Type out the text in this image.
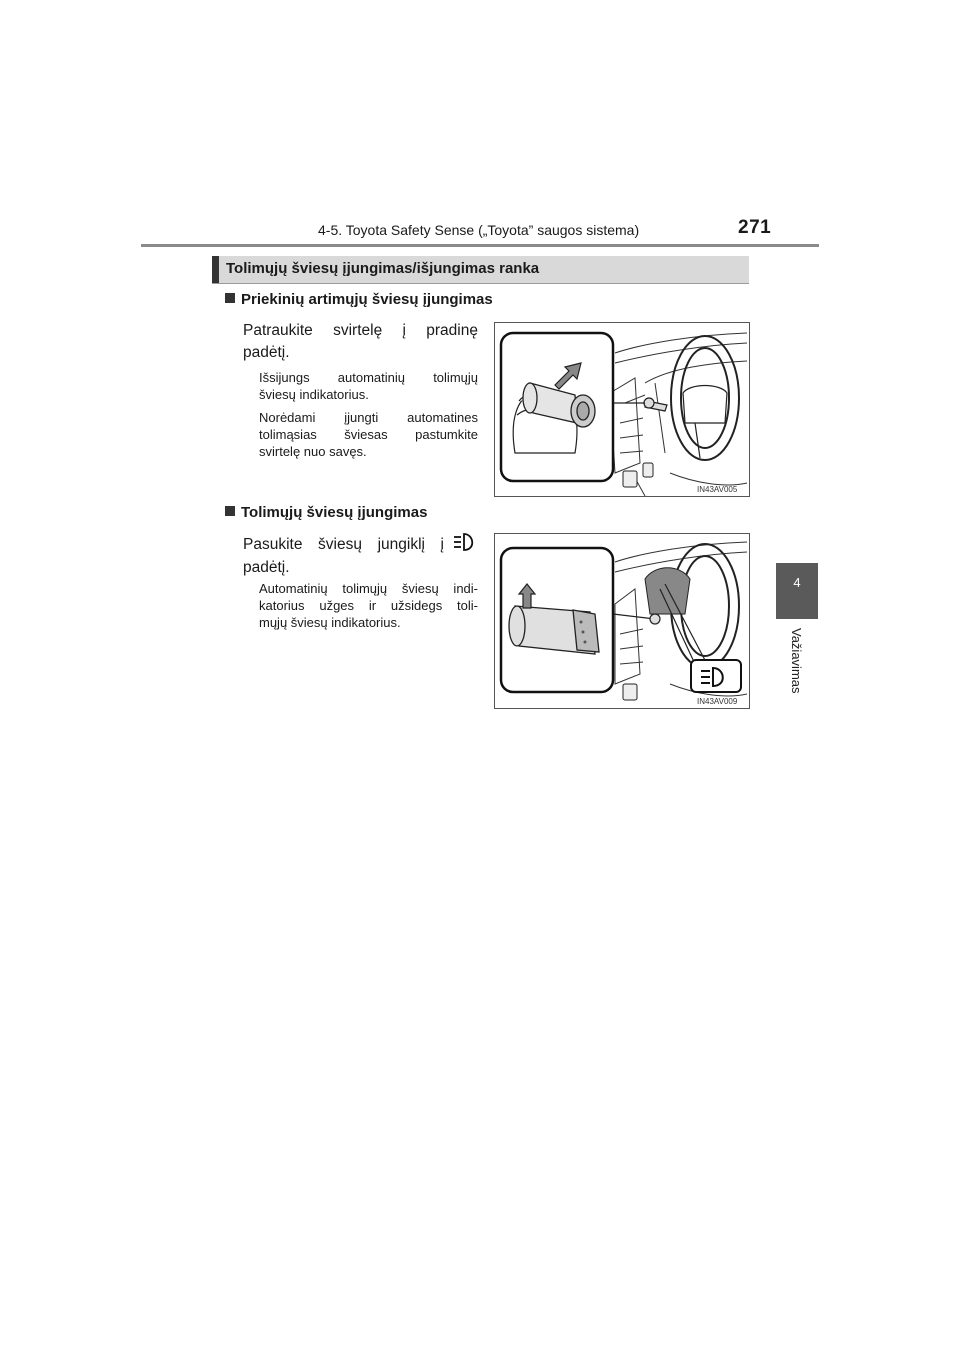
4-5. Toyota Safety Sense („Toyota” saugos sistema)	271
4
Važiavimas
Tolimųjų šviesų įjungimas/išjungimas ranka
Priekinių artimųjų šviesų įjungimas
Patraukite svirtelę į pradinę
padėtį.
Išsijungs automatinių tolimųjų
šviesų indikatorius.
Norėdami įjungti automatines
tolimąsias šviesas pastumkite
svirtelę nuo savęs.
IN43AV005
Tolimųjų šviesų įjungimas
Pasukite šviesų jungiklį į
padėtį.
Automatinių tolimųjų šviesų indi-
katorius užges ir užsidegs toli-
mųjų šviesų indikatorius.
IN43AV009
